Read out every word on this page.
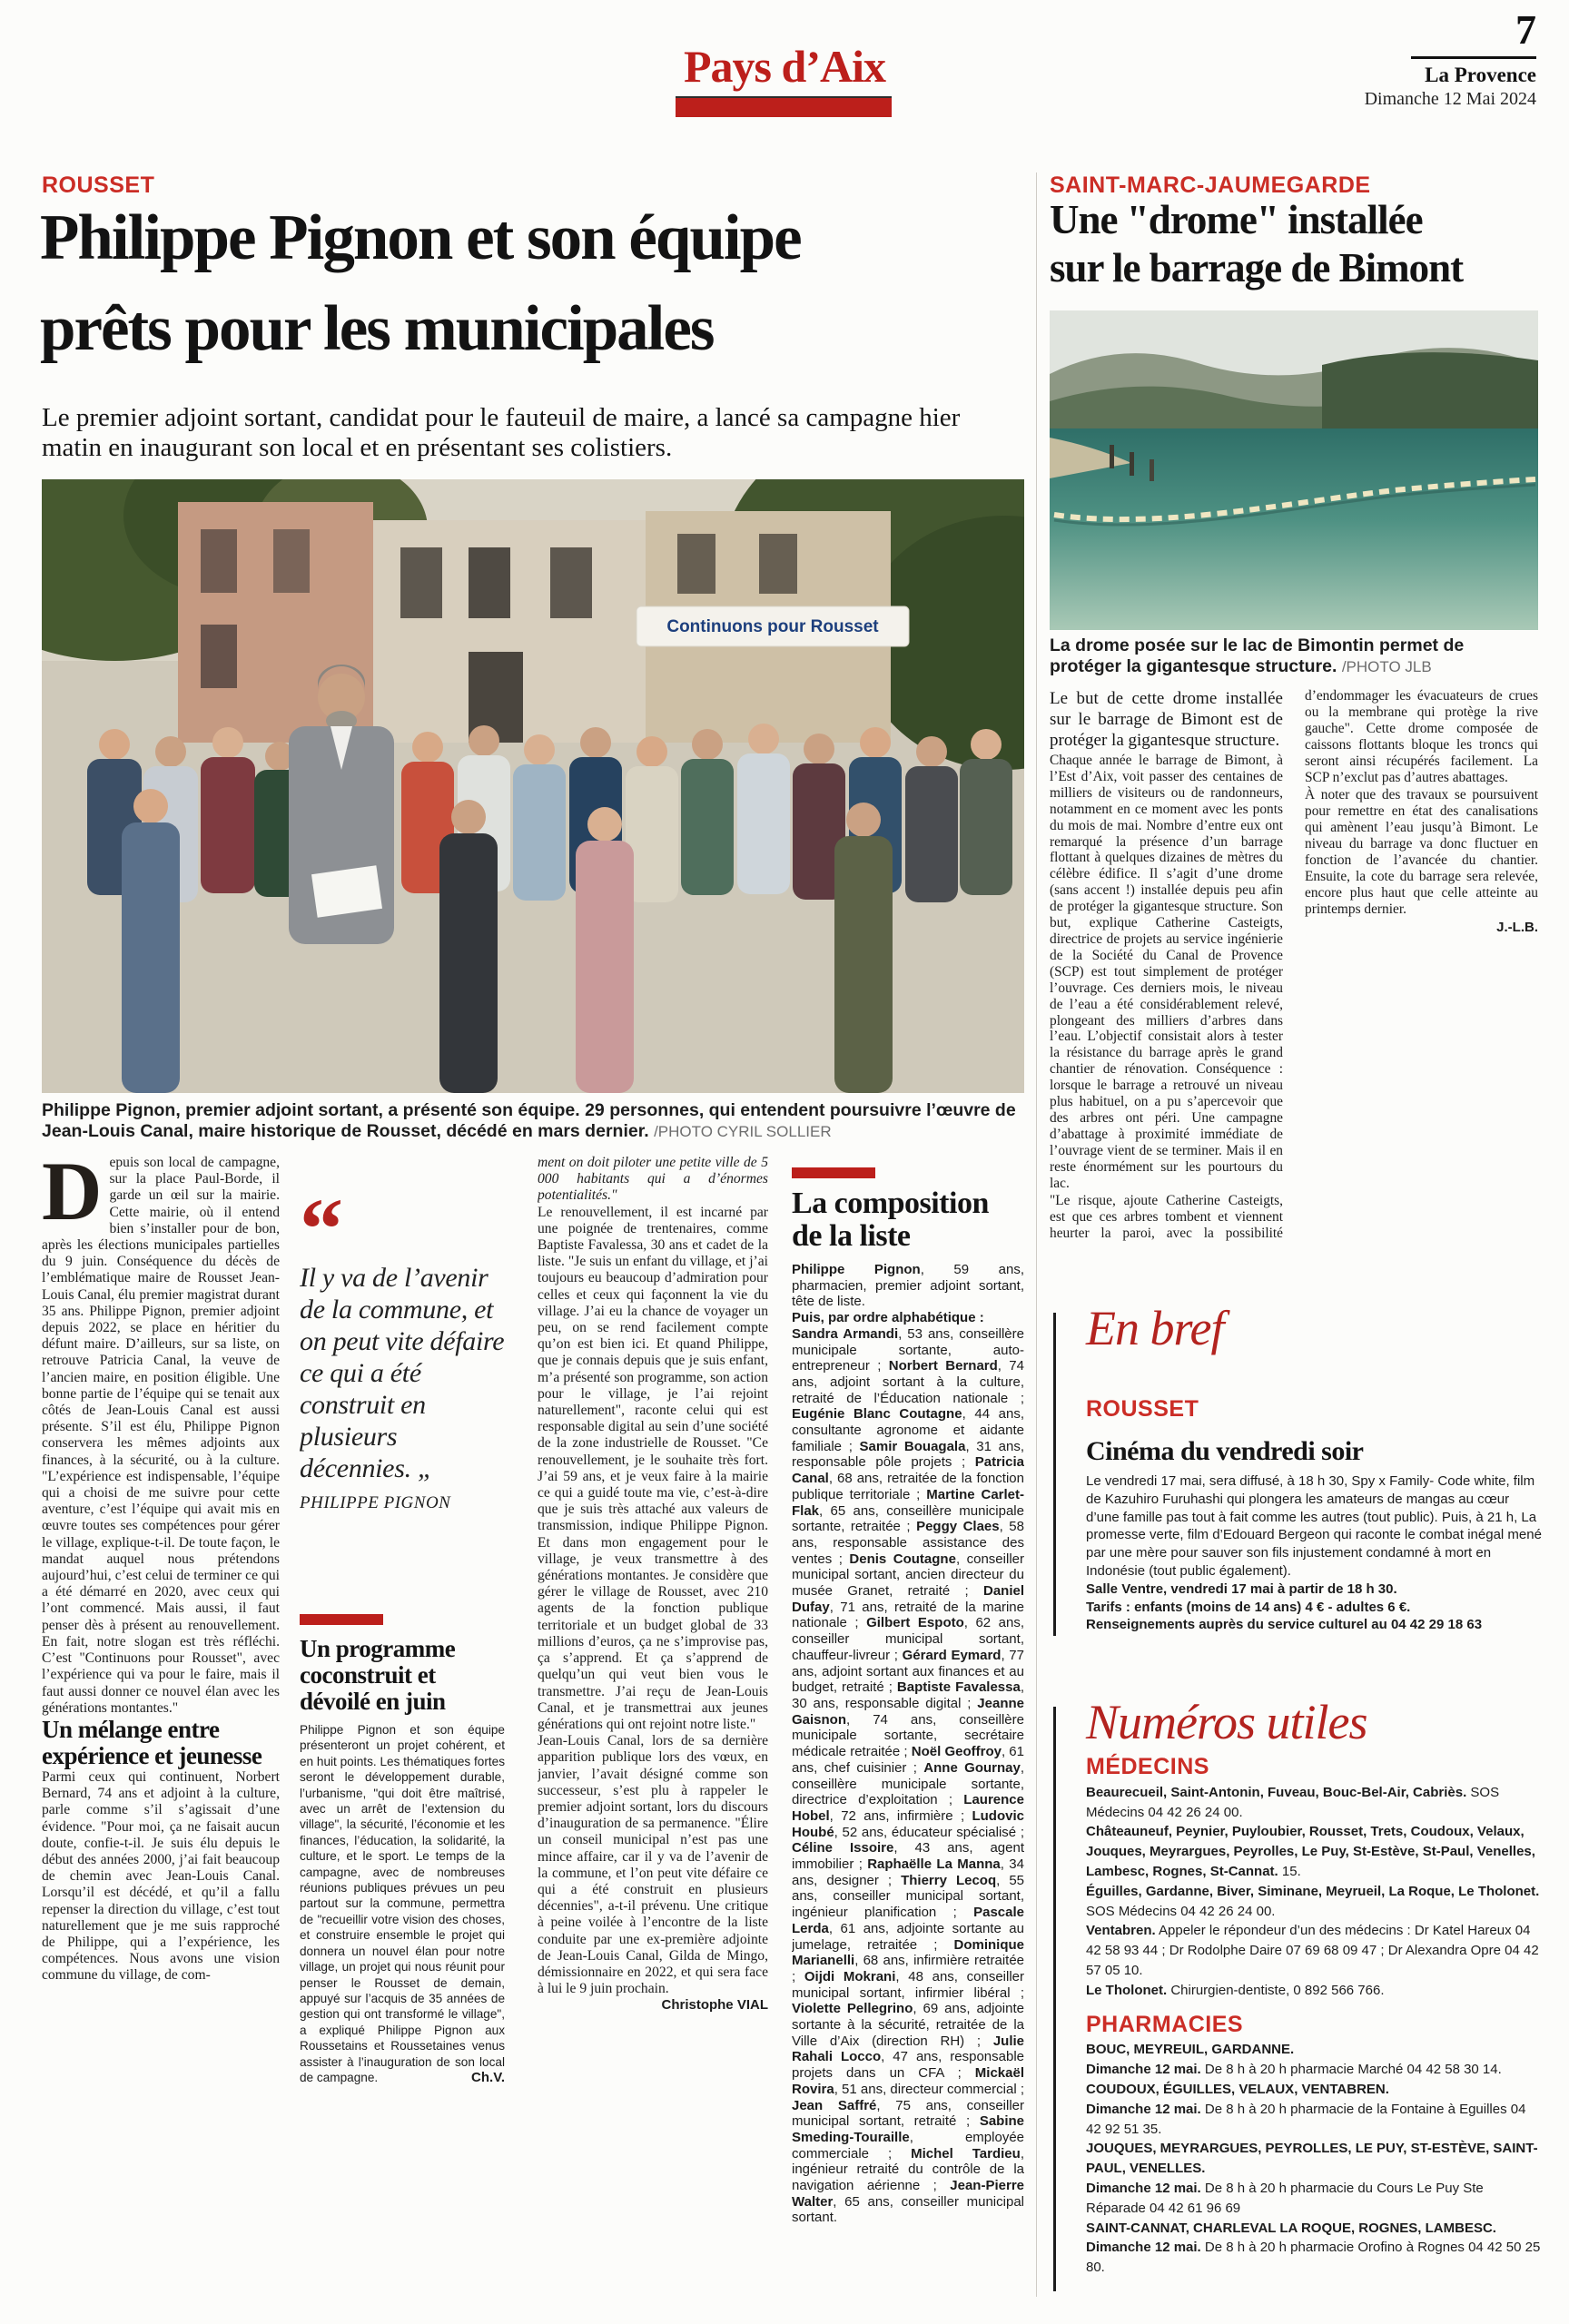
Pays d’Aix
7
La Provence
Dimanche 12 Mai 2024
ROUSSET
Philippe Pignon et son équipe
prêts pour les municipales
Le premier adjoint sortant, candidat pour le fauteuil de maire, a lancé sa campagne hier matin en inaugurant son local et en présentant ses colistiers.
Continuons pour Rousset
Philippe Pignon, premier adjoint sortant, a présenté son équipe. 29 personnes, qui entendent poursuivre l’œuvre de Jean-Louis Canal, maire historique de Rousset, décédé en mars dernier. /PHOTO CYRIL SOLLIER

Depuis son local de campagne, sur la place Paul-Borde, il garde un œil sur la mairie. Cette mairie, où il entend bien s’installer pour de bon, après les élections municipales partielles du 9 juin. Conséquence du décès de l’emblématique maire de Rousset Jean-Louis Canal, élu premier magistrat durant 35 ans. Philippe Pignon, premier adjoint depuis 2022, se place en héritier du défunt maire. D’ailleurs, sur sa liste, on retrouve Patricia Canal, la veuve de l’ancien maire, en position éligible. Une bonne partie de l’équipe qui se tenait aux côtés de Jean-Louis Canal est aussi présente. S’il est élu, Philippe Pignon conservera les mêmes adjoints aux finances, à la sécurité, ou à la culture. "L’expérience est indispensable, l’équipe qui a choisi de me suivre pour cette aventure, c’est l’équipe qui avait mis en œuvre toutes ses compétences pour gérer le village, explique-t-il. De toute façon, le mandat auquel nous prétendons aujourd’hui, c’est celui de terminer ce qui a été démarré en 2020, avec ceux qui l’ont commencé. Mais aussi, il faut penser dès à présent au renouvellement. En fait, notre slogan est très réfléchi. C’est "Continuons pour Rousset", avec l’expérience qui va pour le faire, mais il faut aussi donner ce nouvel élan avec les générations montantes."

Un mélange entre expérience et jeunesse

Parmi ceux qui continuent, Norbert Bernard, 74 ans et adjoint à la culture, parle comme s’il s’agissait d’une évidence. "Pour moi, ça ne faisait aucun doute, confie-t-il. Je suis élu depuis le début des années 2000, j’ai fait beaucoup de chemin avec Jean-Louis Canal. Lorsqu’il est décédé, et qu’il a fallu repenser la direction du village, c’est tout naturellement que je me suis rapproché de Philippe, qui a l’expérience, les compétences. Nous avons une vision commune du village, de com-

“
Il y va de l’avenir de la commune, et on peut vite défaire ce qui a été construit en plusieurs décennies. „
PHILIPPE PIGNON

Un programme coconstruit et dévoilé en juin

Philippe Pignon et son équipe présenteront un projet cohérent, et en huit points. Les thématiques fortes seront le développement durable, l’urbanisme, "qui doit être maîtrisé, avec un arrêt de l’extension du village", la sécurité, l’économie et les finances, l’éducation, la solidarité, la culture, et le sport. Le temps de la campagne, avec de nombreuses réunions publiques prévues un peu partout sur la commune, permettra de "recueillir votre vision des choses, et construire ensemble le projet qui donnera un nouvel élan pour notre village, un projet qui nous réunit pour penser le Rousset de demain, appuyé sur l’acquis de 35 années de gestion qui ont transformé le village", a expliqué Philippe Pignon aux Roussetains et Roussetaines venus assister à l’inauguration de son local de campagne.	Ch.V.

ment on doit piloter une petite ville de 5 000 habitants qui a d’énormes potentialités."

Le renouvellement, il est incarné par une poignée de trentenaires, comme Baptiste Favalessa, 30 ans et cadet de la liste. "Je suis un enfant du village, et j’ai toujours eu beaucoup d’admiration pour celles et ceux qui façonnent la vie du village. J’ai eu la chance de voyager un peu, on se rend facilement compte qu’on est bien ici. Et quand Philippe, que je connais depuis que je suis enfant, m’a présenté son programme, son action pour le village, je l’ai rejoint naturellement", raconte celui qui est responsable digital au sein d’une société de la zone industrielle de Rousset. "Ce renouvellement, je le souhaite très fort. J’ai 59 ans, et je veux faire à la mairie ce qui a guidé toute ma vie, c’est-à-dire que je suis très attaché aux valeurs de transmission, indique Philippe Pignon. Et dans mon engagement pour le village, je veux transmettre à des générations montantes. Je considère que gérer le village de Rousset, avec 210 agents de la fonction publique territoriale et un budget global de 33 millions d’euros, ça ne s’improvise pas, ça s’apprend. Et ça s’apprend de quelqu’un qui veut bien vous le transmettre. J’ai reçu de Jean-Louis Canal, et je transmettrai aux jeunes générations qui ont rejoint notre liste."

Jean-Louis Canal, lors de sa dernière apparition publique lors des vœux, en janvier, l’avait désigné comme son successeur, s’est plu à rappeler le premier adjoint sortant, lors du discours d’inauguration de sa permanence. "Élire un conseil municipal n’est pas une mince affaire, car il y va de l’avenir de la commune, et l’on peut vite défaire ce qui a été construit en plusieurs décennies", a-t-il prévenu. Une critique à peine voilée à l’encontre de la liste conduite par une ex-première adjointe de Jean-Louis Canal, Gilda de Mingo, démissionnaire en 2022, et qui sera face à lui le 9 juin prochain.

Christophe VIAL

La composition
de la liste

Philippe Pignon, 59 ans, pharmacien, premier adjoint sortant, tête de liste.

Puis, par ordre alphabétique :

Sandra Armandi, 53 ans, conseillère municipale sortante, auto-entrepreneur ; Norbert Bernard, 74 ans, adjoint sortant à la culture, retraité de l’Éducation nationale ; Eugénie Blanc Coutagne, 44 ans, consultante agronome et aidante familiale ; Samir Bouagala, 31 ans, responsable pôle projets ; Patricia Canal, 68 ans, retraitée de la fonction publique territoriale ; Martine Carlet-Flak, 65 ans, conseillère municipale sortante, retraitée ; Peggy Claes, 58 ans, responsable assistance des ventes ; Denis Coutagne, conseiller municipal sortant, ancien directeur du musée Granet, retraité ; Daniel Dufay, 71 ans, retraité de la marine nationale ; Gilbert Espoto, 62 ans, conseiller municipal sortant, chauffeur-livreur ; Gérard Eymard, 77 ans, adjoint sortant aux finances et au budget, retraité ; Baptiste Favalessa, 30 ans, responsable digital ; Jeanne Gaisnon, 74 ans, conseillère municipale sortante, secrétaire médicale retraitée ; Noël Geoffroy, 61 ans, chef cuisinier ; Anne Gournay, conseillère municipale sortante, directrice d’exploitation ; Laurence Hobel, 72 ans, infirmière ; Ludovic Houbé, 52 ans, éducateur spécialisé ; Céline Issoire, 43 ans, agent immobilier ; Raphaëlle La Manna, 34 ans, designer ; Thierry Lecoq, 55 ans, conseiller municipal sortant, ingénieur planification ; Pascale Lerda, 61 ans, adjointe sortante au jumelage, retraitée ; Dominique Marianelli, 68 ans, infirmière retraitée ; Oijdi Mokrani, 48 ans, conseiller municipal sortant, infirmier libéral ; Violette Pellegrino, 69 ans, adjointe sortante à la sécurité, retraitée de la Ville d’Aix (direction RH) ; Julie Rahali Locco, 47 ans, responsable projets dans un CFA ; Mickaël Rovira, 51 ans, directeur commercial ; Jean Saffré, 75 ans, conseiller municipal sortant, retraité ; Sabine Smeding-Touraille, employée commerciale ; Michel Tardieu, ingénieur retraité du contrôle de la navigation aérienne ; Jean-Pierre Walter, 65 ans, conseiller municipal sortant.

SAINT-MARC-JAUMEGARDE
Une "drome" installée
sur le barrage de Bimont
La drome posée sur le lac de Bimontin permet de protéger la gigantesque structure. /PHOTO JLB

Le but de cette drome installée sur le barrage de Bimont est de protéger la gigantesque structure.

Chaque année le barrage de Bimont, à l’Est d’Aix, voit passer des centaines de milliers de visiteurs ou de randonneurs, notamment en ce moment avec les ponts du mois de mai. Nombre d’entre eux ont remarqué la présence d’un barrage flottant à quelques dizaines de mètres du célèbre édifice. Il s’agit d’une drome (sans accent !) installée depuis peu afin de protéger la gigantesque structure. Son but, explique Catherine Casteigts, directrice de projets au service ingénierie de la Société du Canal de Provence (SCP) est tout simplement de protéger l’ouvrage. Ces derniers mois, le niveau de l’eau a été considérablement relevé, plongeant des milliers d’arbres dans l’eau. L’objectif consistait alors à tester la résistance du barrage après le grand chantier de rénovation. Conséquence : lorsque le barrage a retrouvé un niveau plus habituel, on a pu s’apercevoir que des arbres ont péri. Une campagne d’abattage à proximité immédiate de l’ouvrage vient de se terminer. Mais il en reste énormément sur les pourtours du lac.

"Le risque, ajoute Catherine Casteigts, est que ces arbres tombent et viennent heurter la paroi, avec la possibilité d’endommager les évacuateurs de crues ou la membrane qui protège la rive gauche". Cette drome composée de caissons flottants bloque les troncs qui seront ainsi récupérés facilement. La SCP n’exclut pas d’autres abattages.

À noter que des travaux se poursuivent pour remettre en état des canalisations qui amènent l’eau jusqu’à Bimont. Le niveau du barrage va donc fluctuer en fonction de l’avancée du chantier. Ensuite, la cote du barrage sera relevée, encore plus haut que celle atteinte au printemps dernier.

J.-L.B.

En bref
ROUSSET
Cinéma du vendredi soir

Le vendredi 17 mai, sera diffusé, à 18 h 30, Spy x Family- Code white, film de Kazuhiro Furuhashi qui plongera les amateurs de mangas au cœur d’une famille pas tout à fait comme les autres (tout public). Puis, à 21 h, La promesse verte, film d’Edouard Bergeon qui raconte le combat inégal mené par une mère pour sauver son fils injustement condamné à mort en Indonésie (tout public également).

Salle Ventre, vendredi 17 mai à partir de 18 h 30.

Tarifs : enfants (moins de 14 ans) 4 € - adultes 6 €.

Renseignements auprès du service culturel au 04 42 29 18 63

Numéros utiles

MÉDECINS

Beaurecueil, Saint-Antonin, Fuveau, Bouc-Bel-Air, Cabriès. SOS Médecins 04 42 26 24 00.

Châteauneuf, Peynier, Puyloubier, Rousset, Trets, Coudoux, Velaux, Jouques, Meyrargues, Peyrolles, Le Puy, St-Estève, St-Paul, Venelles, Lambesc, Rognes, St-Cannat. 15.

Éguilles, Gardanne, Biver, Siminane, Meyrueil, La Roque, Le Tholonet. SOS Médecins 04 42 26 24 00.

Ventabren. Appeler le répondeur d’un des médecins : Dr Katel Hareux 04 42 58 93 44 ; Dr Rodolphe Daire 07 69 68 09 47 ; Dr Alexandra Opre 04 42 57 05 10.

Le Tholonet. Chirurgien-dentiste, 0 892 566 766.

PHARMACIES

BOUC, MEYREUIL, GARDANNE.

Dimanche 12 mai. De 8 h à 20 h pharmacie Marché 04 42 58 30 14.

COUDOUX, ÉGUILLES, VELAUX, VENTABREN.

Dimanche 12 mai. De 8 h à 20 h pharmacie de la Fontaine à Eguilles 04 42 92 51 35.

JOUQUES, MEYRARGUES, PEYROLLES, LE PUY, ST-ESTÈVE, SAINT-PAUL, VENELLES.

Dimanche 12 mai. De 8 h à 20 h pharmacie du Cours Le Puy Ste Réparade 04 42 61 96 69

SAINT-CANNAT, CHARLEVAL LA ROQUE, ROGNES, LAMBESC.

Dimanche 12 mai. De 8 h à 20 h pharmacie Orofino à Rognes 04 42 50 25 80.
